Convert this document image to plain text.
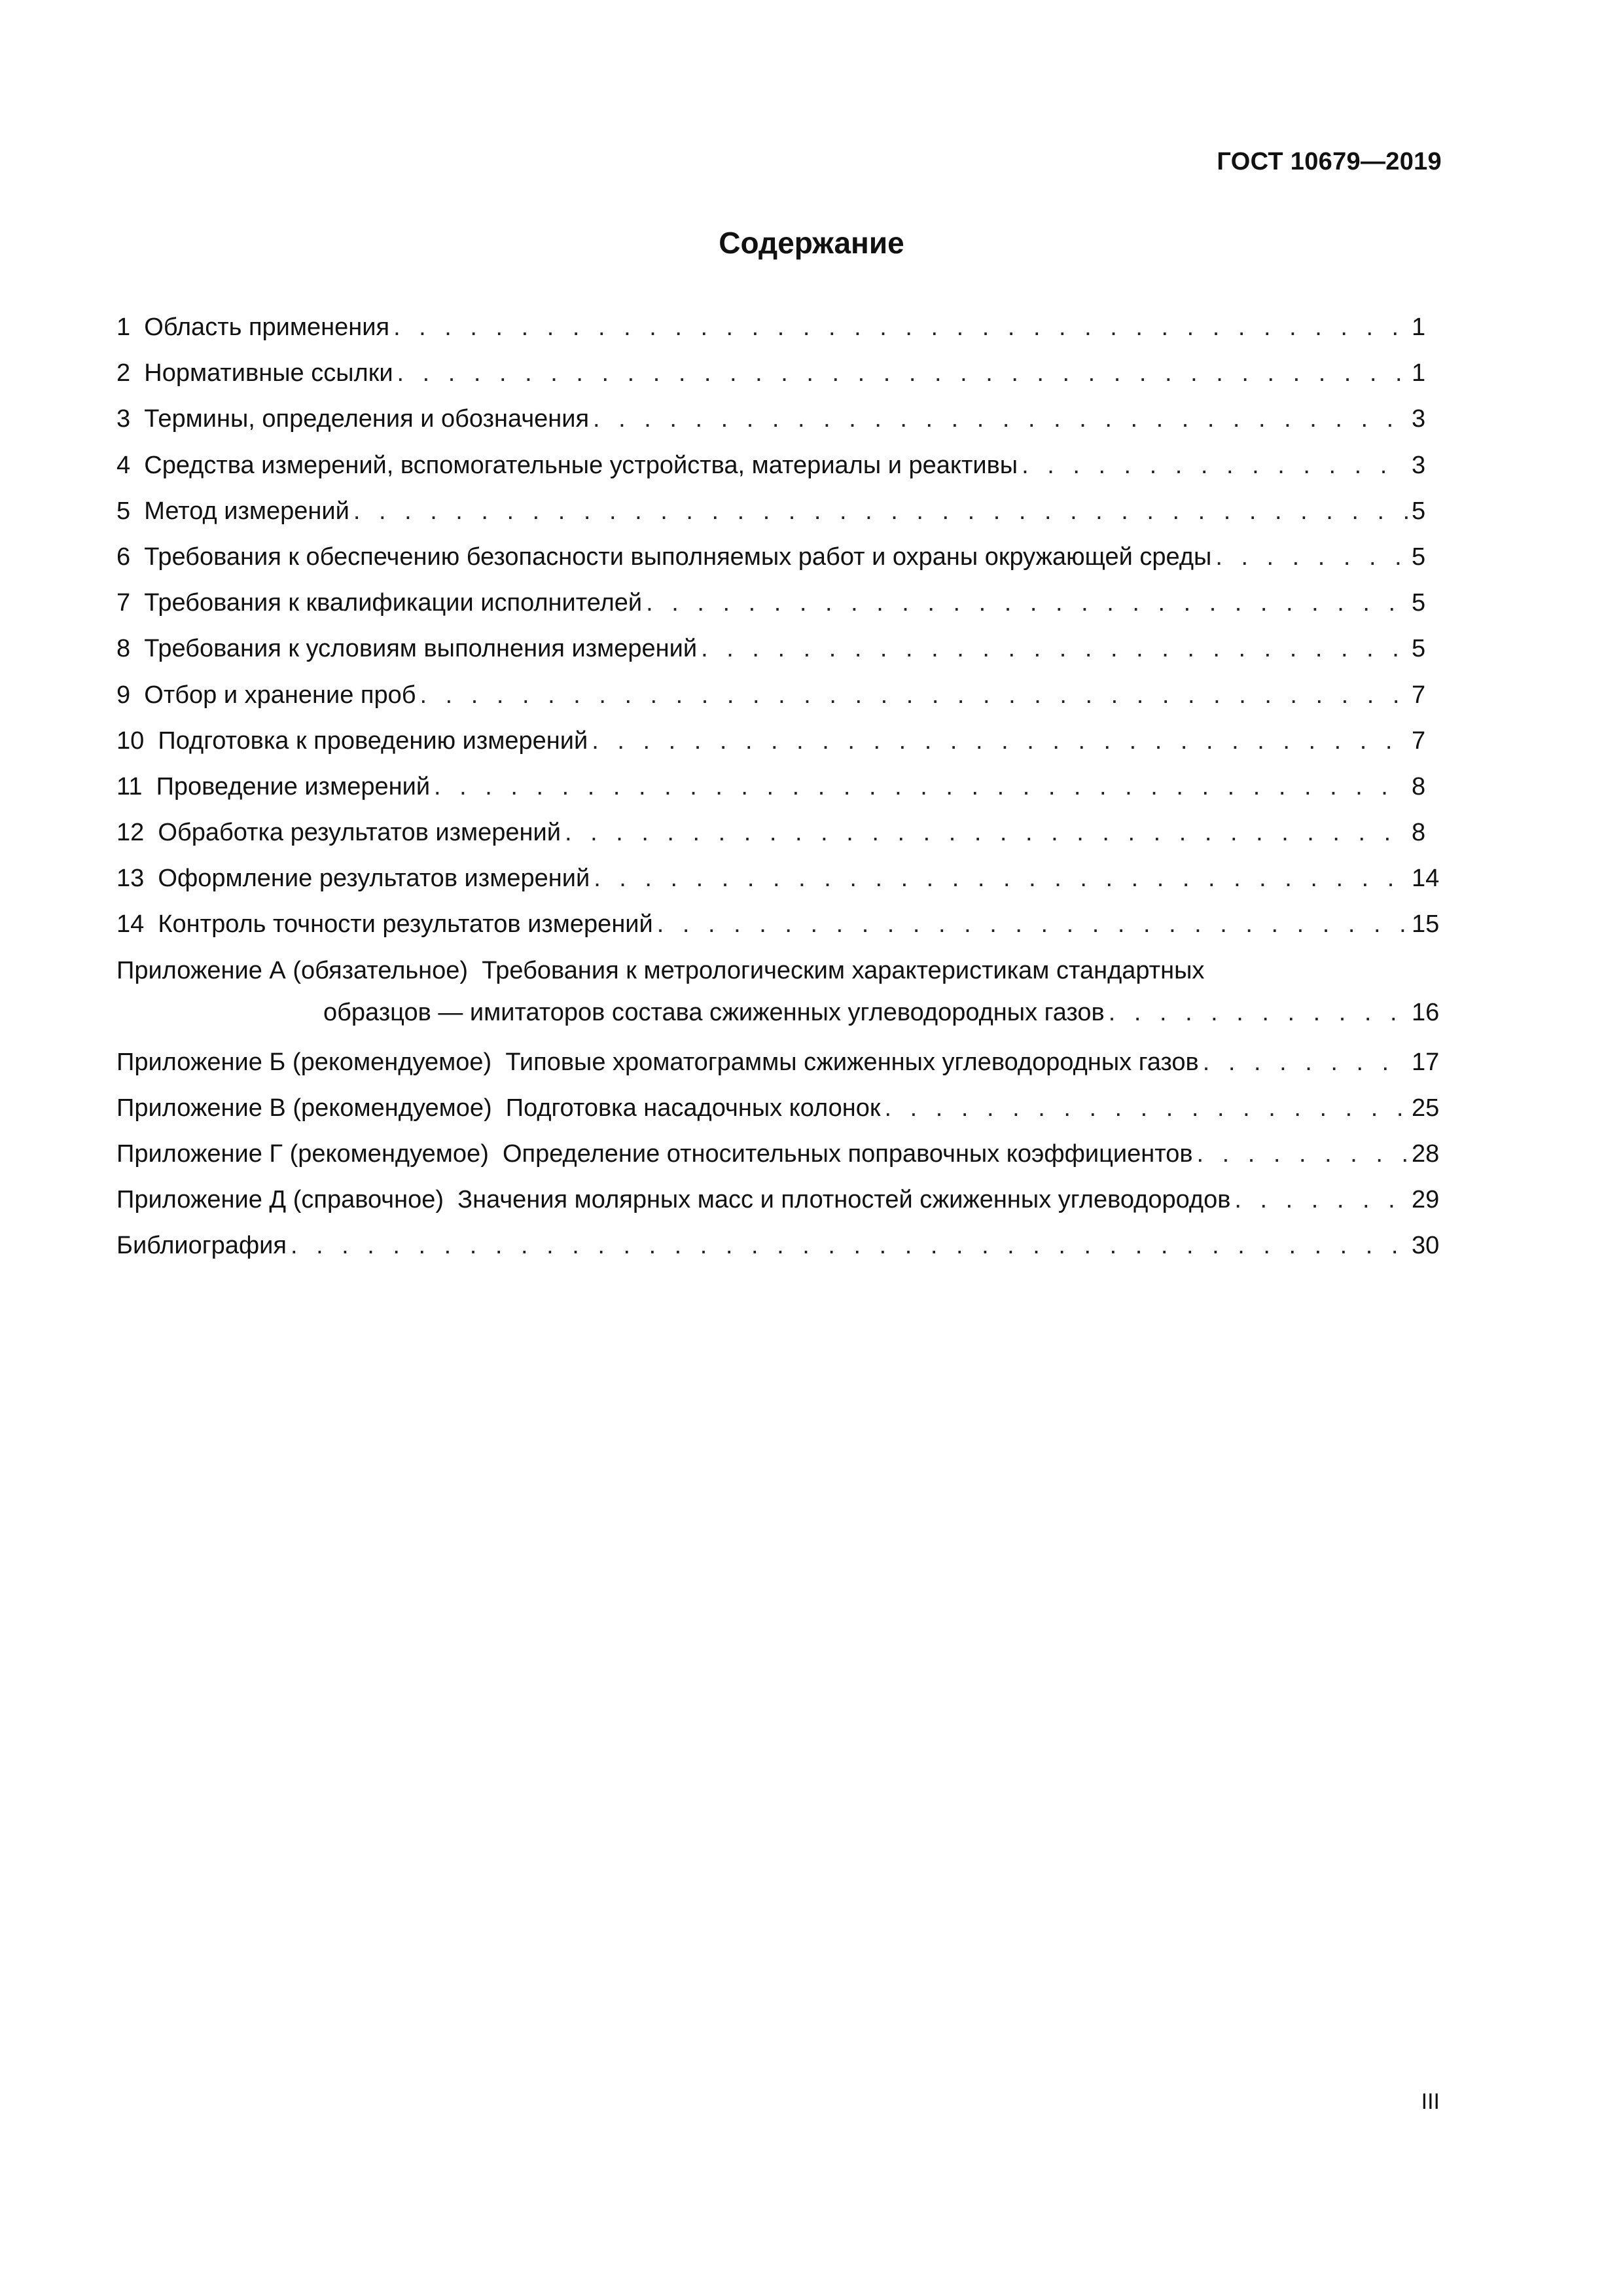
ГОСТ 10679—2019
Содержание
1 Область применения . . .	1
2 Нормативные ссылки . . .	1
3 Термины, определения и обозначения . . .	3
4 Средства измерений, вспомогательные устройства, материалы и реактивы . . .	3
5 Метод измерений . . .	5
6 Требования к обеспечению безопасности выполняемых работ и охраны окружающей среды . . .	5
7 Требования к квалификации исполнителей . . .	5
8 Требования к условиям выполнения измерений . . .	5
9 Отбор и хранение проб . . .	7
10 Подготовка к проведению измерений . . .	7
11 Проведение измерений . . .	8
12 Обработка результатов измерений . . .	8
13 Оформление результатов измерений . . .	14
14 Контроль точности результатов измерений . . .	15
Приложение А (обязательное) Требования к метрологическим характеристикам стандартных
образцов — имитаторов состава сжиженных углеводородных газов . . .	16
Приложение Б (рекомендуемое) Типовые хроматограммы сжиженных углеводородных газов . . .	17
Приложение В (рекомендуемое) Подготовка насадочных колонок . . .	25
Приложение Г (рекомендуемое) Определение относительных поправочных коэффициентов . . .	28
Приложение Д (справочное) Значения молярных масс и плотностей сжиженных углеводородов . . .	29
Библиография . . .	30
III
